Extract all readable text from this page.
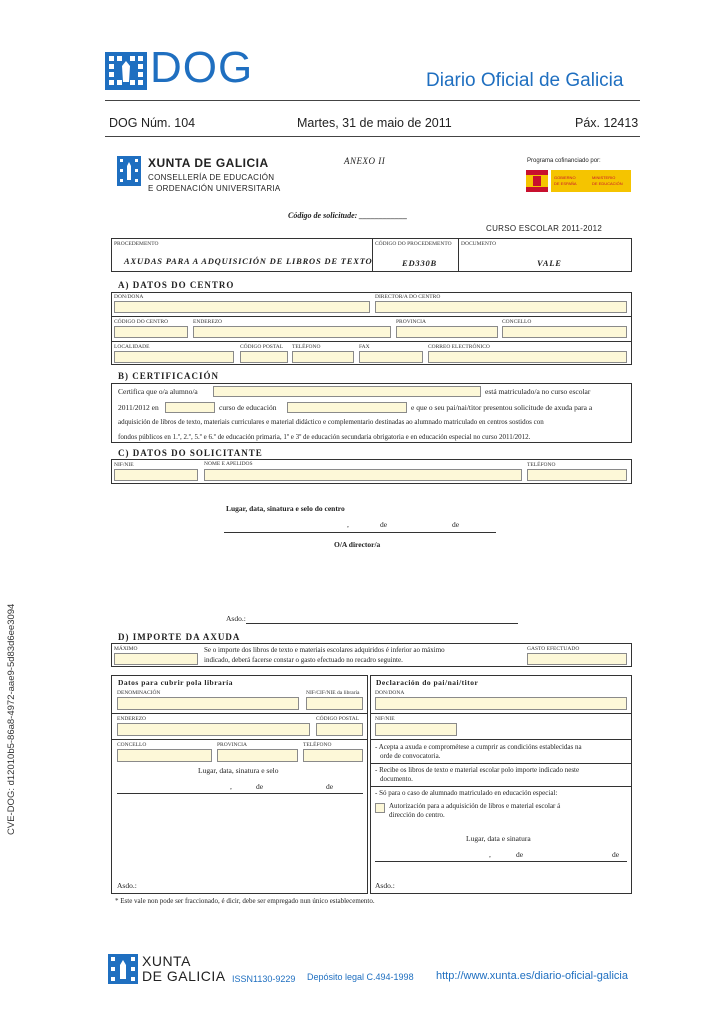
CVE-DOG: d12010b5-86a8-4972-aae9-5d83d6ee3094
DOG	Diario Oficial de Galicia
DOG Núm. 104	Martes, 31 de maio de 2011	Páx. 12413
XUNTA DE GALICIA
CONSELLERÍA DE EDUCACIÓN
E ORDENACIÓN UNIVERSITARIA
ANEXO II	Programa cofinanciado por:
GOBIERNO
DE ESPAÑA
MINISTERIO
DE EDUCACIÓN
Código de solicitude: ____________
CURSO ESCOLAR 2011-2012
PROCEDEMENTO
AXUDAS PARA A ADQUISICIÓN DE LIBROS DE TEXTO
CÓDIGO DO PROCEDEMENTO
ED330B
DOCUMENTO
VALE
A) DATOS DO CENTRO
DON/DONA	DIRECTOR/A DO CENTRO
CÓDIGO DO CENTRO	ENDEREZO	PROVINCIA	CONCELLO
LOCALIDADE	CÓDIGO POSTAL TELÉFONO	FAX	CORREO ELECTRÓNICO
B) CERTIFICACIÓN
Certifica que o/a alumno/a	está matriculado/a no curso escolar
2011/2012 en	curso de educación	e que o seu pai/nai/titor presentou solicitude de axuda para a
adquisición de libros de texto, materiais curriculares e material didáctico e complementario destinadas ao alumnado matriculado en centros sostidos con
fondos públicos en 1.º, 2.º, 5.º e 6.º de educación primaria, 1º e 3º de educación secundaria obrigatoria e en educación especial no curso 2011/2012.
C) DATOS DO SOLICITANTE
NIF/NIE	NOME E APELIDOS	TELÉFONO
Lugar, data, sinatura e selo do centro
,	de	de
O/A director/a
Asdo.:
D) IMPORTE DA AXUDA
MÁXIMO	Se o importe dos libros de texto e materiais escolares adquiridos é inferior ao máximo
indicado, deberá facerse constar o gasto efectuado no recadro seguinte.
GASTO EFECTUADO
Datos para cubrir pola libraría
DENOMINACIÓN	NIF/CIF/NIE da libraría
ENDEREZO	CÓDIGO POSTAL
CONCELLO	PROVINCIA	TELÉFONO
Lugar, data, sinatura e selo
,	de	de
Asdo.:
Declaración do pai/nai/titor
DON/DONA
NIF/NIE
- Acepta a axuda e comprométese a cumprir as condicións establecidas na
orde de convocatoria.
- Recibe os libros de texto e material escolar polo importe indicado neste
documento.
- Só para o caso de alumnado matriculado en educación especial:
Autorización para a adquisición de libros e material escolar á
dirección do centro.
Lugar, data e sinatura
,	de	de
Asdo.:
* Este vale non pode ser fraccionado, é dicir, debe ser empregado nun único establecemento.
XUNTA
DE GALICIA ISSN1130-9229 Depósito legal C.494-1998 http://www.xunta.es/diario-oficial-galicia
